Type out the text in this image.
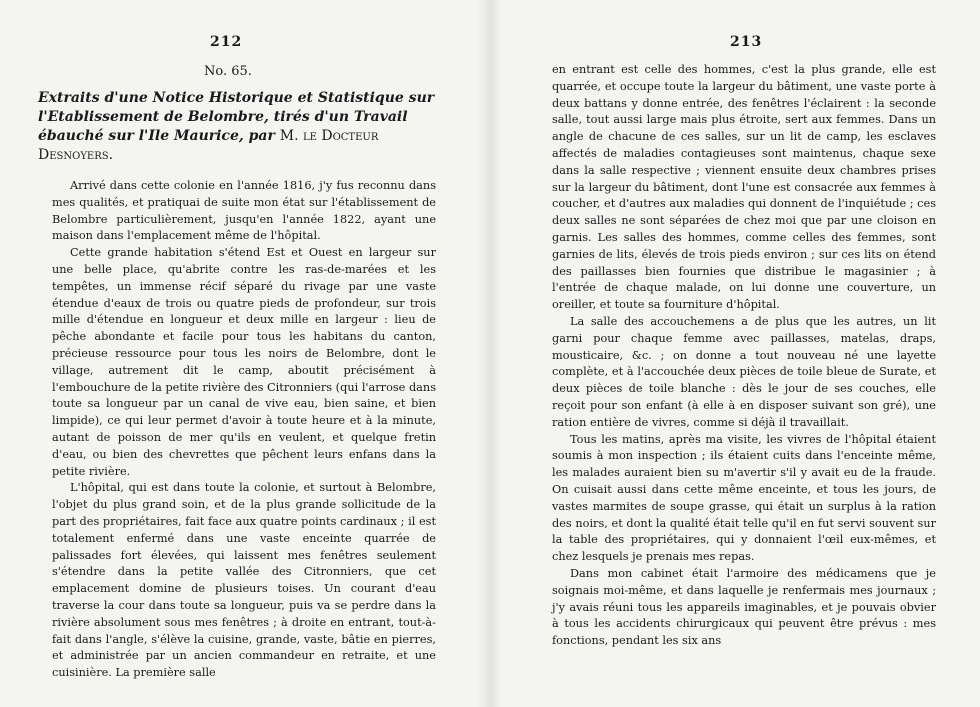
212
No. 65.
Extraits d'une Notice Historique et Statistique sur l'Etablissement de Belombre, tirés d'un Travail ébauché sur l'Ile Maurice, par M. le Docteur Desnoyers.

Arrivé dans cette colonie en l'année 1816, j'y fus reconnu dans mes qualités, et pratiquai de suite mon état sur l'établissement de Belombre particulièrement, jusqu'en l'année 1822, ayant une maison dans l'emplacement même de l'hôpital.

Cette grande habitation s'étend Est et Ouest en largeur sur une belle place, qu'abrite contre les ras-de-marées et les tempêtes, un immense récif séparé du rivage par une vaste étendue d'eaux de trois ou quatre pieds de profondeur, sur trois mille d'étendue en longueur et deux mille en largeur : lieu de pêche abondante et facile pour tous les habitans du canton, précieuse ressource pour tous les noirs de Belombre, dont le village, autrement dit le camp, aboutit précisément à l'embouchure de la petite rivière des Citronniers (qui l'arrose dans toute sa longueur par un canal de vive eau, bien saine, et bien limpide), ce qui leur permet d'avoir à toute heure et à la minute, autant de poisson de mer qu'ils en veulent, et quelque fretin d'eau, ou bien des chevrettes que pêchent leurs enfans dans la petite rivière.

L'hôpital, qui est dans toute la colonie, et surtout à Belombre, l'objet du plus grand soin, et de la plus grande sollicitude de la part des propriétaires, fait face aux quatre points cardinaux ; il est totalement enfermé dans une vaste enceinte quarrée de palissades fort élevées, qui laissent mes fenêtres seulement s'étendre dans la petite vallée des Citronniers, que cet emplacement domine de plusieurs toises. Un courant d'eau traverse la cour dans toute sa longueur, puis va se perdre dans la rivière absolument sous mes fenêtres ; à droite en entrant, tout-à-fait dans l'angle, s'élève la cuisine, grande, vaste, bâtie en pierres, et administrée par un ancien commandeur en retraite, et une cuisinière. La première salle

213

en entrant est celle des hommes, c'est la plus grande, elle est quarrée, et occupe toute la largeur du bâtiment, une vaste porte à deux battans y donne entrée, des fenêtres l'éclairent : la seconde salle, tout aussi large mais plus étroite, sert aux femmes. Dans un angle de chacune de ces salles, sur un lit de camp, les esclaves affectés de maladies contagieuses sont maintenus, chaque sexe dans la salle respective ; viennent ensuite deux chambres prises sur la largeur du bâtiment, dont l'une est consacrée aux femmes à coucher, et d'autres aux maladies qui donnent de l'inquiétude ; ces deux salles ne sont séparées de chez moi que par une cloison en garnis. Les salles des hommes, comme celles des femmes, sont garnies de lits, élevés de trois pieds environ ; sur ces lits on étend des paillasses bien fournies que distribue le magasinier ; à l'entrée de chaque malade, on lui donne une couverture, un oreiller, et toute sa fourniture d'hôpital.

La salle des accouchemens a de plus que les autres, un lit garni pour chaque femme avec paillasses, matelas, draps, mousticaire, &c. ; on donne a tout nouveau né une layette complète, et à l'accouchée deux pièces de toile bleue de Surate, et deux pièces de toile blanche : dès le jour de ses couches, elle reçoit pour son enfant (à elle à en disposer suivant son gré), une ration entière de vivres, comme si déjà il travaillait.

Tous les matins, après ma visite, les vivres de l'hôpital étaient soumis à mon inspection ; ils étaient cuits dans l'enceinte même, les malades auraient bien su m'avertir s'il y avait eu de la fraude. On cuisait aussi dans cette même enceinte, et tous les jours, de vastes marmites de soupe grasse, qui était un surplus à la ration des noirs, et dont la qualité était telle qu'il en fut servi souvent sur la table des propriétaires, qui y donnaient l'œil eux-mêmes, et chez lesquels je prenais mes repas.

Dans mon cabinet était l'armoire des médicamens que je soignais moi-même, et dans laquelle je renfermais mes journaux ; j'y avais réuni tous les appareils imaginables, et je pouvais obvier à tous les accidents chirurgicaux qui peuvent être prévus : mes fonctions, pendant les six ans
